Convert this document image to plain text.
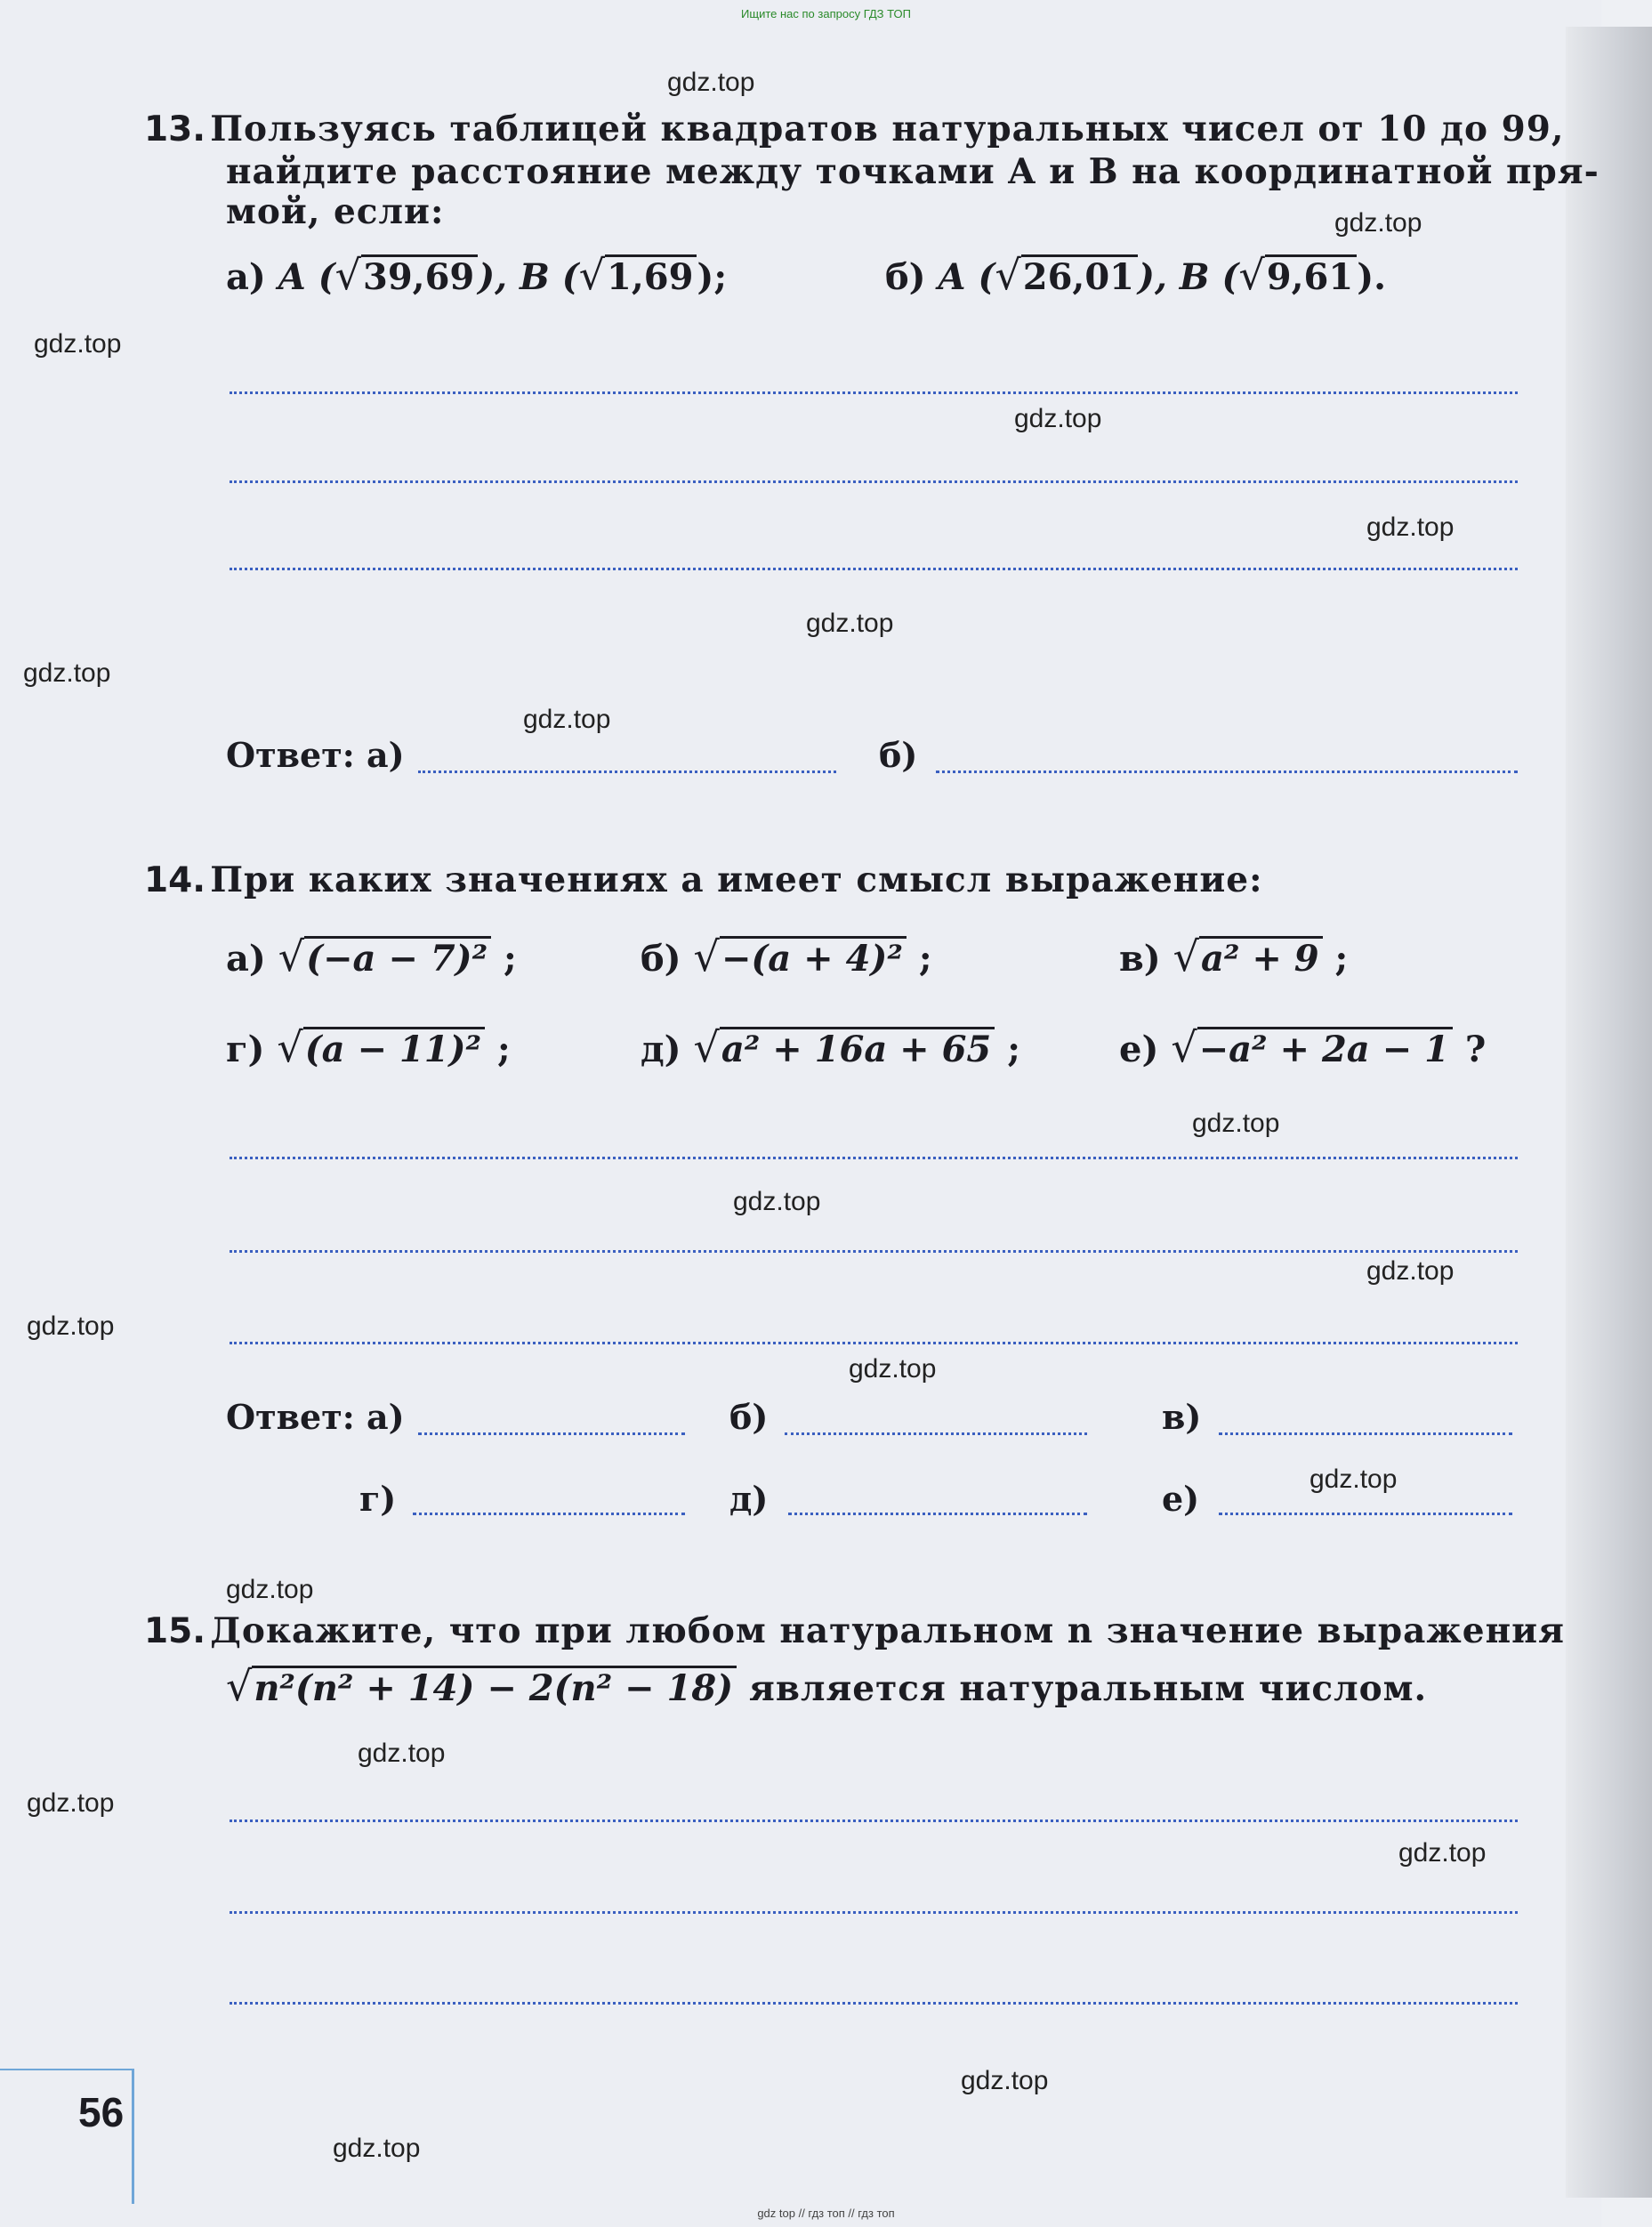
Ищите нас по запросу ГДЗ ТОП
13. Пользуясь таблицей квадратов натуральных чисел от 10 до 99,
найдите расстояние между точками A и B на координатной пря-
мой, если:
а) A (√39,69 ), B (√1,69 );	б) A (√26,01 ), B (√9,61 ).
Ответ: а)	б)
14. При каких значениях a имеет смысл выражение:
а) √(−a − 7)² ;	б) √−(a + 4)² ;	в) √a² + 9 ;
г) √(a − 11)² ;	д) √a² + 16a + 65 ;	е) √−a² + 2a − 1 ?
Ответ: а)	б)	в)
г)	д)	е)
15. Докажите, что при любом натуральном n значение выражения
√n²(n² + 14) − 2(n² − 18) является натуральным числом.
56
gdz.top
gdz.top
gdz.top
gdz.top
gdz.top
gdz.top
gdz.top
gdz.top
gdz.top
gdz.top
gdz.top
gdz.top
gdz.top
gdz.top
gdz.top
gdz.top
gdz.top
gdz.top
gdz.top
gdz.top
gdz top // гдз топ // гдз топ
